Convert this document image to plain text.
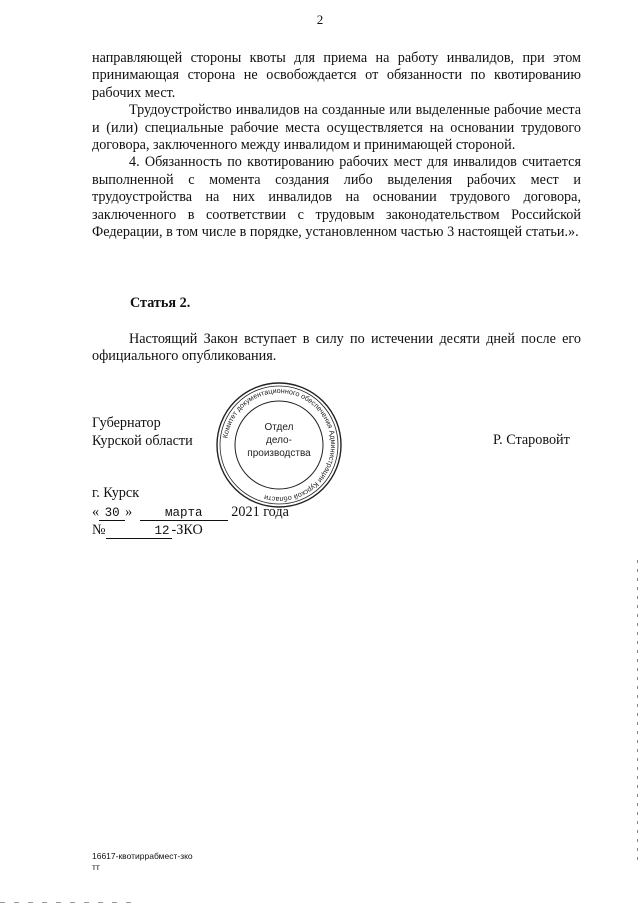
2

направляющей стороны квоты для приема на работу инвалидов, при этом принимающая сторона не освобождается от обязанности по квотированию рабочих мест.

Трудоустройство инвалидов на созданные или выделенные рабочие места и (или) специальные рабочие места осуществляется на основании трудового договора, заключенного между инвалидом и принимающей стороной.

4. Обязанность по квотированию рабочих мест для инвалидов считается выполненной с момента создания либо выделения рабочих мест и трудоустройства на них инвалидов на основании трудового договора, заключенного в соответствии с трудовым законодательством Российской Федерации, в том числе в порядке, установленном частью 3 настоящей статьи.».

Статья 2.

Настоящий Закон вступает в силу по истечении десяти дней после его официального опубликования.

Губернатор
Курской области	Комитет документационного обеспечения Администрации Курской области
Отдел
дело-
производства
Р. Старовойт
г. Курск
« 30 »	марта 2021 года
№	12 -ЗКО
16617-квотиррабмест-зко
тт
